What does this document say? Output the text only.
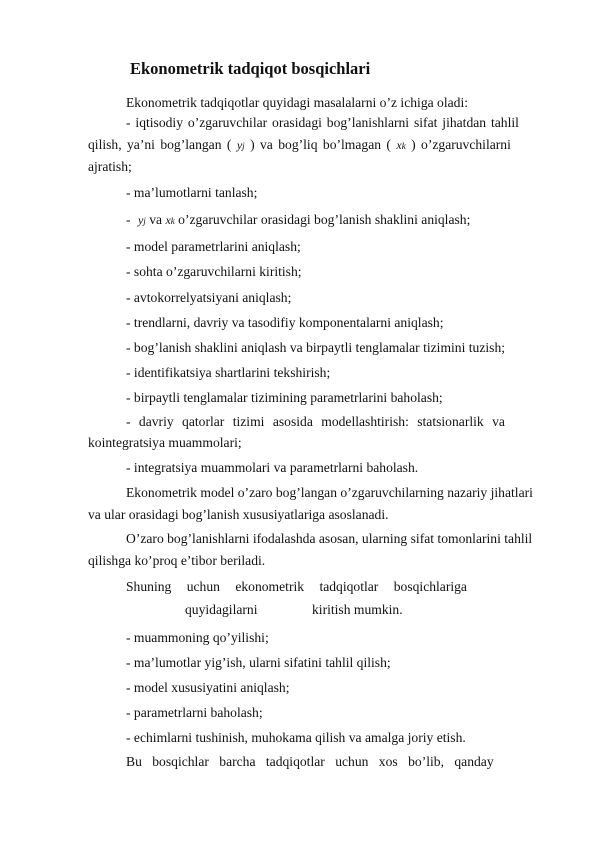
Ekonometrik tadqiqot bosqichlari
Ekonometrik tadqiqotlar quyidagi masalalarni o’z ichiga oladi:
- iqtisodiy o’zgaruvchilar orasidagi bog’lanishlarni sifat jihatdan tahlil
qilish, ya’ni bog’langan ( yj ) va bog’liq bo’lmagan ( xk ) o’zgaruvchilarni
ajratish;
- ma’lumotlarni tanlash;
- yj va xk o’zgaruvchilar orasidagi bog’lanish shaklini aniqlash;
- model parametrlarini aniqlash;
- sohta o’zgaruvchilarni kiritish;
- avtokorrelyatsiyani aniqlash;
- trendlarni, davriy va tasodifiy komponentalarni aniqlash;
- bog’lanish shaklini aniqlash va birpaytli tenglamalar tizimini tuzish;
- identifikatsiya shartlarini tekshirish;
- birpaytli tenglamalar tizimining parametrlarini baholash;
- davriy qatorlar tizimi asosida modellashtirish: statsionarlik va
kointegratsiya muammolari;
- integratsiya muammolari va parametrlarni baholash.
Ekonometrik model o’zaro bog’langan o’zgaruvchilarning nazariy jihatlari
va ular orasidagi bog’lanish xususiyatlariga asoslanadi.
O’zaro bog’lanishlarni ifodalashda asosan, ularning sifat tomonlarini tahlil
qilishga ko’proq e’tibor beriladi.
Shuning uchun ekonometrik tadqiqotlar bosqichlariga
quyidagilarni	kiritish mumkin.
- muammoning qo’yilishi;
- ma’lumotlar yig’ish, ularni sifatini tahlil qilish;
- model xususiyatini aniqlash;
- parametrlarni baholash;
- echimlarni tushinish, muhokama qilish va amalga joriy etish.
Bu bosqichlar barcha tadqiqotlar uchun xos bo’lib, qanday
